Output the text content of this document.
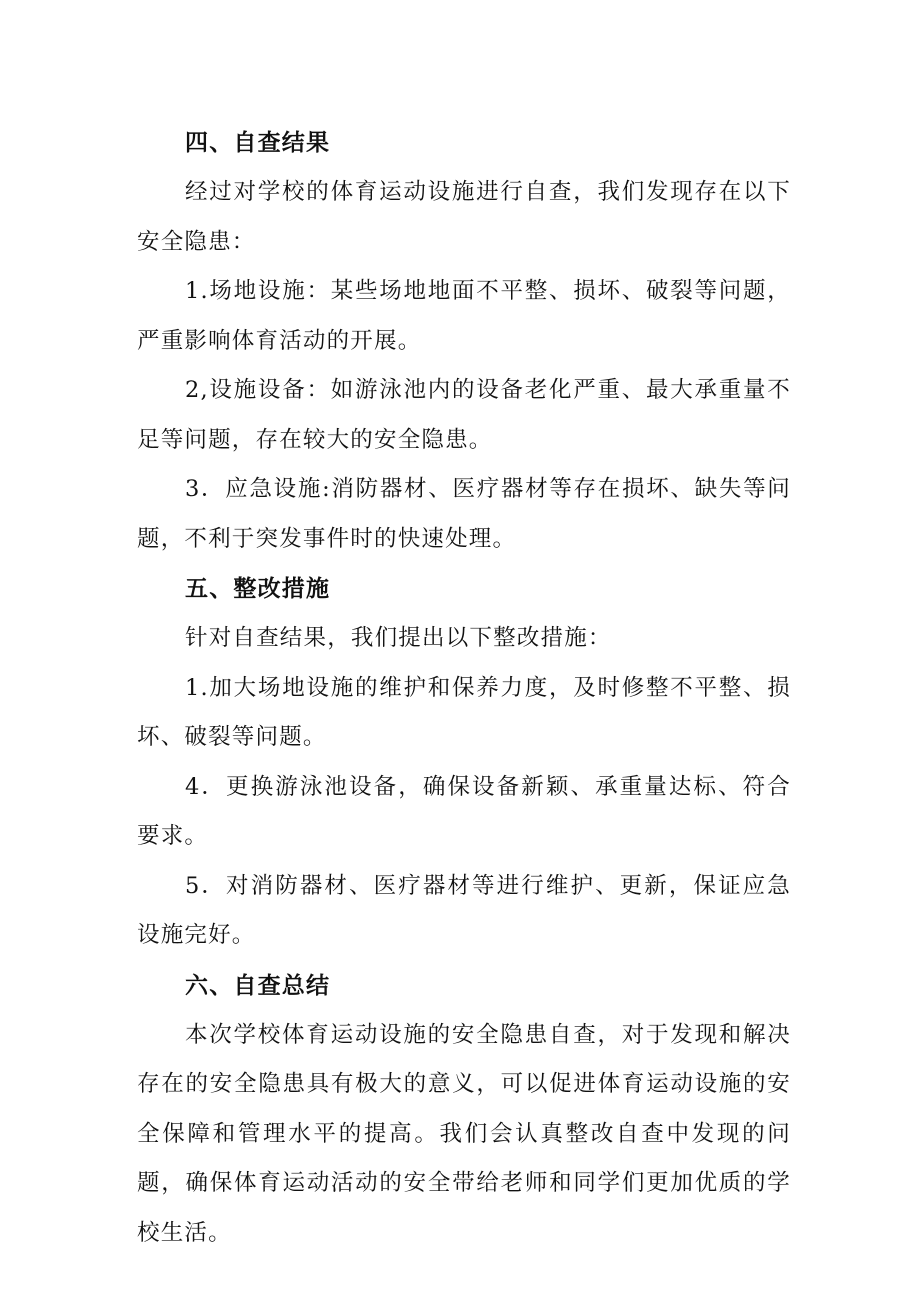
四、自查结果

经过对学校的体育运动设施进行自查，我们发现存在以下安全隐患：

1.场地设施：某些场地地面不平整、损坏、破裂等问题，严重影响体育活动的开展。

2,设施设备：如游泳池内的设备老化严重、最大承重量不足等问题，存在较大的安全隐患。

3．应急设施:消防器材、医疗器材等存在损坏、缺失等问题，不利于突发事件时的快速处理。

五、整改措施

针对自查结果，我们提出以下整改措施：

1.加大场地设施的维护和保养力度，及时修整不平整、损坏、破裂等问题。

4．更换游泳池设备，确保设备新颖、承重量达标、符合要求。

5．对消防器材、医疗器材等进行维护、更新，保证应急设施完好。

六、自查总结

本次学校体育运动设施的安全隐患自查，对于发现和解决存在的安全隐患具有极大的意义，可以促进体育运动设施的安全保障和管理水平的提高。我们会认真整改自查中发现的问题，确保体育运动活动的安全带给老师和同学们更加优质的学校生活。
